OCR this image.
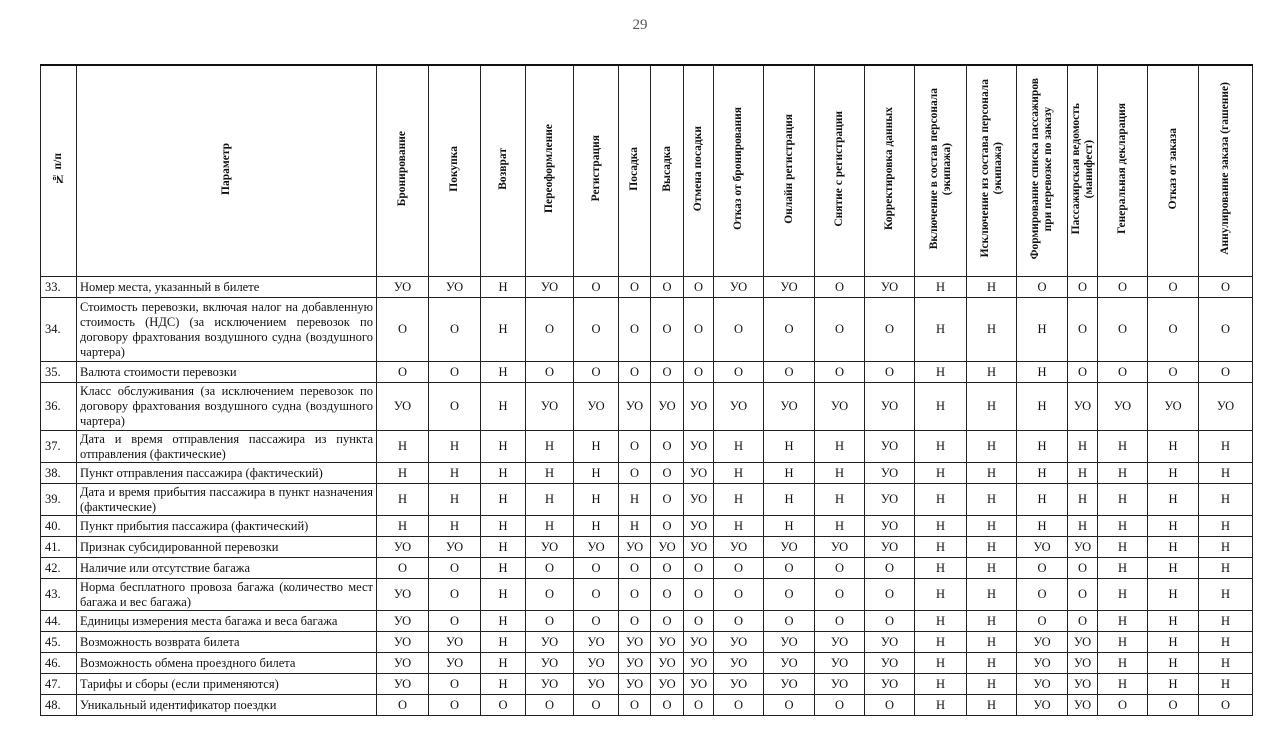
29
№ п/п	Параметр	Бронирование	Покупка	Возврат	Переоформление	Регистрация	Посадка	Высадка	Отмена посадки	Отказ от бронирования	Онлайн регистрация	Снятие с регистрации	Корректировка данных	Включение в состав персонала (экипажа)	Исключение из состава персонала (экипажа)	Формирование списка пассажиров при перевозке по заказу	Пассажирская ведомость (манифест)	Генеральная декларация	Отказ от заказа	Аннулирование заказа (гашение)

33.	Номер места, указанный в билете	УО	УО	Н	УО	О	О	О	О	УО	УО	О	УО	Н	Н	О	О	О	О	О
34.	Стоимость перевозки, включая налог на добавленную стоимость (НДС) (за исключением перевозок по договору фрахтования воздушного судна (воздушного чартера)	О	О	Н	О	О	О	О	О	О	О	О	О	Н	Н	Н	О	О	О	О
35.	Валюта стоимости перевозки	О	О	Н	О	О	О	О	О	О	О	О	О	Н	Н	Н	О	О	О	О
36.	Класс обслуживания (за исключением перевозок по договору фрахтования воздушного судна (воздушного чартера)	УО	О	Н	УО	УО	УО	УО	УО	УО	УО	УО	УО	Н	Н	Н	УО	УО	УО	УО
37.	Дата и время отправления пассажира из пункта отправления (фактические)	Н	Н	Н	Н	Н	О	О	УО	Н	Н	Н	УО	Н	Н	Н	Н	Н	Н	Н
38.	Пункт отправления пассажира (фактический)	Н	Н	Н	Н	Н	О	О	УО	Н	Н	Н	УО	Н	Н	Н	Н	Н	Н	Н
39.	Дата и время прибытия пассажира в пункт назначения (фактические)	Н	Н	Н	Н	Н	Н	О	УО	Н	Н	Н	УО	Н	Н	Н	Н	Н	Н	Н
40.	Пункт прибытия пассажира (фактический)	Н	Н	Н	Н	Н	Н	О	УО	Н	Н	Н	УО	Н	Н	Н	Н	Н	Н	Н
41.	Признак субсидированной перевозки	УО	УО	Н	УО	УО	УО	УО	УО	УО	УО	УО	УО	Н	Н	УО	УО	Н	Н	Н
42.	Наличие или отсутствие багажа	О	О	Н	О	О	О	О	О	О	О	О	О	Н	Н	О	О	Н	Н	Н
43.	Норма бесплатного провоза багажа (количество мест багажа и вес багажа)	УО	О	Н	О	О	О	О	О	О	О	О	О	Н	Н	О	О	Н	Н	Н
44.	Единицы измерения места багажа и веса багажа	УО	О	Н	О	О	О	О	О	О	О	О	О	Н	Н	О	О	Н	Н	Н
45.	Возможность возврата билета	УО	УО	Н	УО	УО	УО	УО	УО	УО	УО	УО	УО	Н	Н	УО	УО	Н	Н	Н
46.	Возможность обмена проездного билета	УО	УО	Н	УО	УО	УО	УО	УО	УО	УО	УО	УО	Н	Н	УО	УО	Н	Н	Н
47.	Тарифы и сборы (если применяются)	УО	О	Н	УО	УО	УО	УО	УО	УО	УО	УО	УО	Н	Н	УО	УО	Н	Н	Н
48.	Уникальный идентификатор поездки	О	О	О	О	О	О	О	О	О	О	О	О	Н	Н	УО	УО	О	О	О
